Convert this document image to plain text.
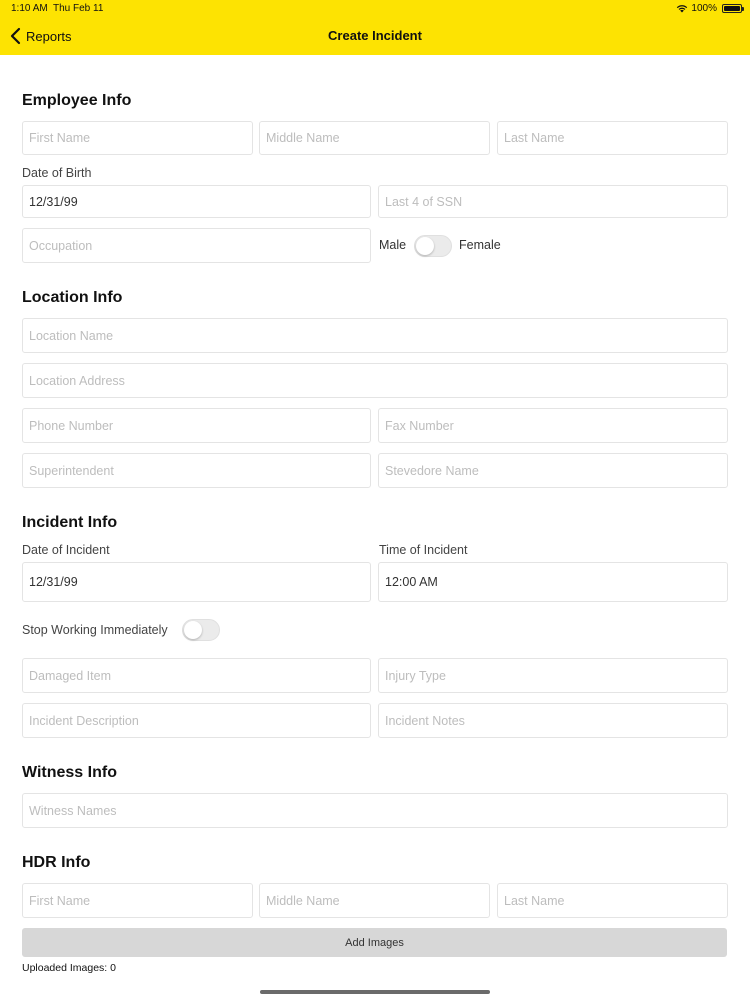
1:10 AM Thu Feb 11	100%
Reports	Create Incident
Employee Info
First Name
Middle Name
Last Name
Date of Birth
12/31/99
Last 4 of SSN
Occupation
Male	Female
Location Info
Location Name
Location Address
Phone Number
Fax Number
Superintendent
Stevedore Name
Incident Info
Date of Incident	Time of Incident
12/31/99
12:00 AM
Stop Working Immediately
Damaged Item
Injury Type
Incident Description
Incident Notes
Witness Info
Witness Names
HDR Info
First Name
Middle Name
Last Name
Add Images
Uploaded Images: 0
